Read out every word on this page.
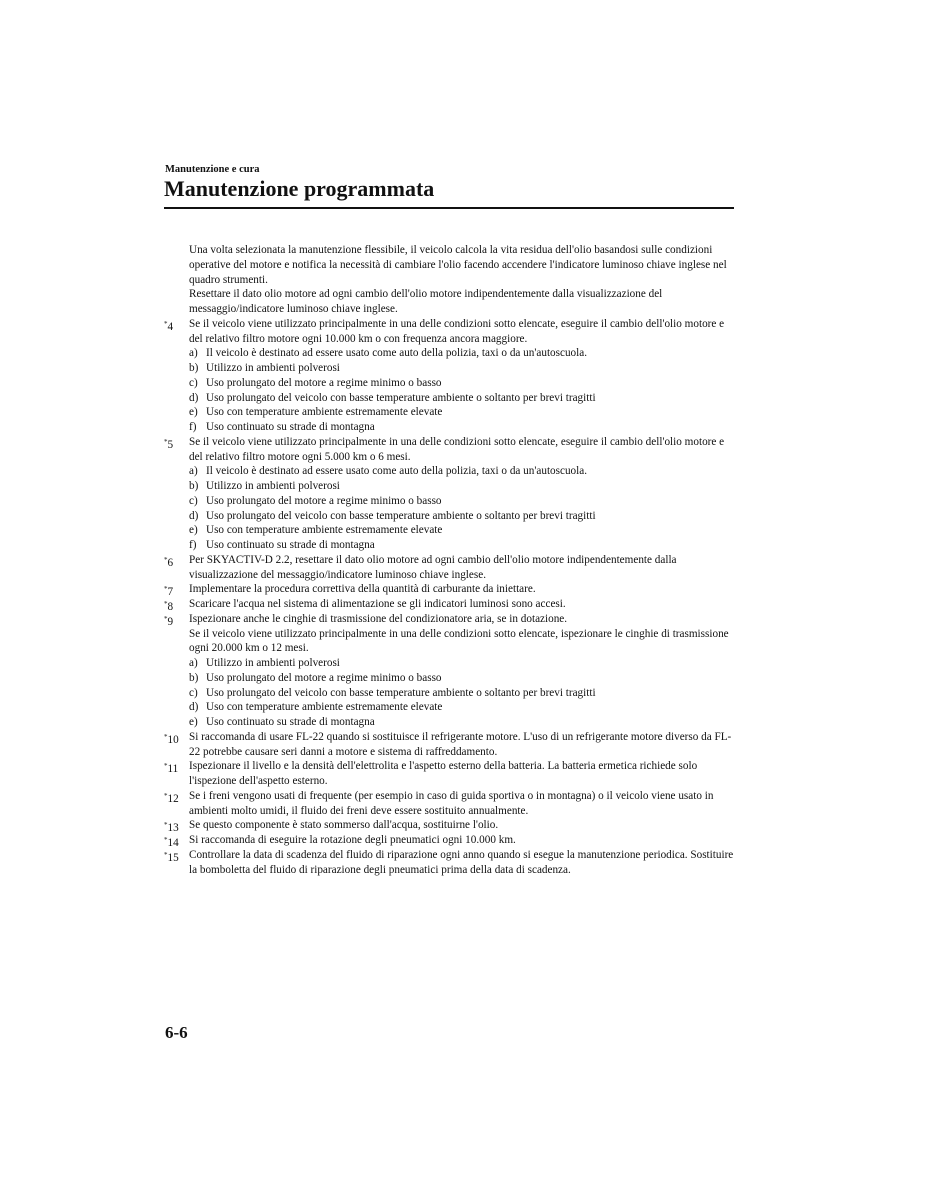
Manutenzione e cura
Manutenzione programmata

Una volta selezionata la manutenzione flessibile, il veicolo calcola la vita residua dell'olio basandosi sulle condizioni operative del motore e notifica la necessità di cambiare l'olio facendo accendere l'indicatore luminoso chiave inglese nel quadro strumenti.

Resettare il dato olio motore ad ogni cambio dell'olio motore indipendentemente dalla visualizzazione del messaggio/indicatore luminoso chiave inglese.

*4 Se il veicolo viene utilizzato principalmente in una delle condizioni sotto elencate, eseguire il cambio dell'olio motore e del relativo filtro motore ogni 10.000 km o con frequenza ancora maggiore.
a) Il veicolo è destinato ad essere usato come auto della polizia, taxi o da un'autoscuola.
b) Utilizzo in ambienti polverosi
c) Uso prolungato del motore a regime minimo o basso
d) Uso prolungato del veicolo con basse temperature ambiente o soltanto per brevi tragitti
e) Uso con temperature ambiente estremamente elevate
f) Uso continuato su strade di montagna
*5 Se il veicolo viene utilizzato principalmente in una delle condizioni sotto elencate, eseguire il cambio dell'olio motore e del relativo filtro motore ogni 5.000 km o 6 mesi.
a) Il veicolo è destinato ad essere usato come auto della polizia, taxi o da un'autoscuola.
b) Utilizzo in ambienti polverosi
c) Uso prolungato del motore a regime minimo o basso
d) Uso prolungato del veicolo con basse temperature ambiente o soltanto per brevi tragitti
e) Uso con temperature ambiente estremamente elevate
f) Uso continuato su strade di montagna
*6 Per SKYACTIV-D 2.2, resettare il dato olio motore ad ogni cambio dell'olio motore indipendentemente dalla visualizzazione del messaggio/indicatore luminoso chiave inglese.
*7 Implementare la procedura correttiva della quantità di carburante da iniettare.
*8 Scaricare l'acqua nel sistema di alimentazione se gli indicatori luminosi sono accesi.
*9 Ispezionare anche le cinghie di trasmissione del condizionatore aria, se in dotazione.
Se il veicolo viene utilizzato principalmente in una delle condizioni sotto elencate, ispezionare le cinghie di trasmissione ogni 20.000 km o 12 mesi.
a) Utilizzo in ambienti polverosi
b) Uso prolungato del motore a regime minimo o basso
c) Uso prolungato del veicolo con basse temperature ambiente o soltanto per brevi tragitti
d) Uso con temperature ambiente estremamente elevate
e) Uso continuato su strade di montagna
*10 Si raccomanda di usare FL-22 quando si sostituisce il refrigerante motore. L'uso di un refrigerante motore diverso da FL-22 potrebbe causare seri danni a motore e sistema di raffreddamento.
*11 Ispezionare il livello e la densità dell'elettrolita e l'aspetto esterno della batteria. La batteria ermetica richiede solo l'ispezione dell'aspetto esterno.
*12 Se i freni vengono usati di frequente (per esempio in caso di guida sportiva o in montagna) o il veicolo viene usato in ambienti molto umidi, il fluido dei freni deve essere sostituito annualmente.
*13 Se questo componente è stato sommerso dall'acqua, sostituirne l'olio.
*14 Si raccomanda di eseguire la rotazione degli pneumatici ogni 10.000 km.
*15 Controllare la data di scadenza del fluido di riparazione ogni anno quando si esegue la manutenzione periodica. Sostituire la bomboletta del fluido di riparazione degli pneumatici prima della data di scadenza.
6-6
